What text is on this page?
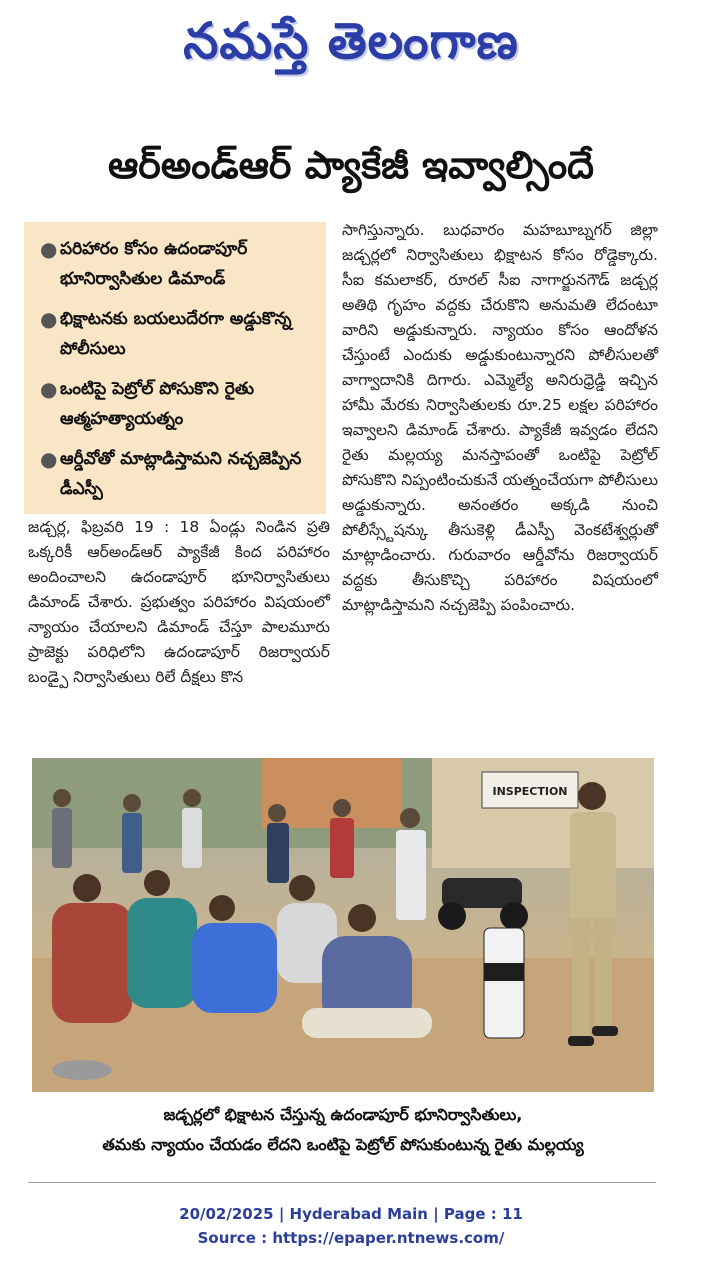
నమస్తే తెలంగాణ
ఆర్అండ్ఆర్ ప్యాకేజీ ఇవ్వాల్సిందే
● పరిహారం కోసం ఉదండాపూర్ భూనిర్వాసితుల డిమాండ్
● భిక్షాటనకు బయలుదేరగా అడ్డుకొన్న పోలీసులు
● ఒంటిపై పెట్రోల్ పోసుకొని రైతు ఆత్మహత్యాయత్నం
● ఆర్డీవోతో మాట్లాడిస్తామని నచ్చజెప్పిన డీఎస్పీ

జడ్చర్ల, ఫిబ్రవరి 19 : 18 ఏండ్లు నిండిన ప్రతి ఒక్కరికీ ఆర్అండ్ఆర్ ప్యాకేజీ కింద పరిహారం అందించాలని ఉదండాపూర్ భూనిర్వాసితులు డిమాండ్ చేశారు. ప్రభుత్వం పరిహారం విషయంలో న్యాయం చేయాలని డిమాండ్ చేస్తూ పాలమూరు ప్రాజెక్టు పరిధిలోని ఉదండాపూర్ రిజర్వాయర్ బండ్పై నిర్వాసితులు రిలే దీక్షలు కొన

సాగిస్తున్నారు. బుధవారం మహబూబ్నగర్ జిల్లా జడ్చర్లలో నిర్వాసితులు భిక్షాటన కోసం రోడ్డెక్కారు. సీఐ కమలాకర్, రూరల్ సీఐ నాగార్జునగౌడ్ జడ్చర్ల అతిథి గృహం వద్దకు చేరుకొని అనుమతి లేదంటూ వారిని అడ్డుకున్నారు. న్యాయం కోసం ఆందోళన చేస్తుంటే ఎందుకు అడ్డుకుంటున్నారని పోలీసులతో వాగ్వాదానికి దిగారు. ఎమ్మెల్యే అనిరుధ్రెడ్డి ఇచ్చిన హామీ మేరకు నిర్వాసితులకు రూ.25 లక్షల పరిహారం ఇవ్వాలని డిమాండ్ చేశారు. ప్యాకేజీ ఇవ్వడం లేదని రైతు మల్లయ్య మనస్తాపంతో ఒంటిపై పెట్రోల్ పోసుకొని నిప్పంటించుకునే యత్నంచేయగా పోలీసులు అడ్డుకున్నారు. అనంతరం అక్కడి నుంచి పోలీస్స్టేషన్కు తీసుకెళ్లి డీఎస్పీ వెంకటేశ్వర్లుతో మాట్లాడించారు. గురువారం ఆర్డీవోను రిజర్వాయర్ వద్దకు తీసుకొచ్చి పరిహారం విషయంలో మాట్లాడిస్తామని నచ్చజెప్పి పంపించారు.

INSPECTION
జడ్చర్లలో భిక్షాటన చేస్తున్న ఉదండాపూర్ భూనిర్వాసితులు,
తమకు న్యాయం చేయడం లేదని ఒంటిపై పెట్రోల్ పోసుకుంటున్న రైతు మల్లయ్య
20/02/2025 | Hyderabad Main | Page : 11
Source : https://epaper.ntnews.com/
